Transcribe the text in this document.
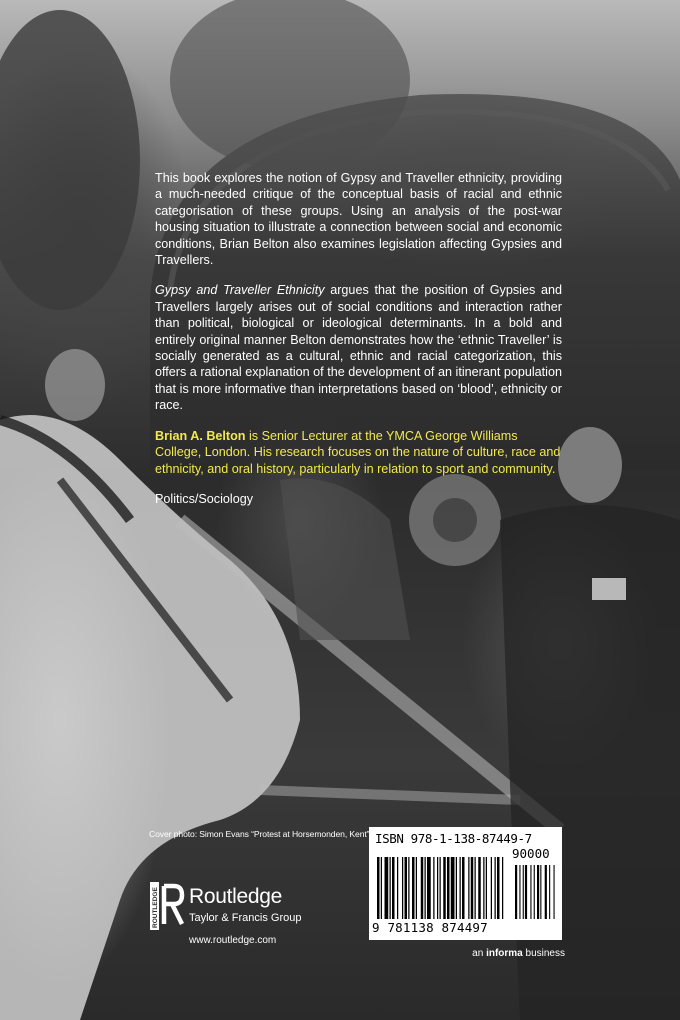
This book explores the notion of Gypsy and Traveller ethnicity, providing a much-needed critique of the conceptual basis of racial and ethnic categorisation of these groups. Using an analysis of the post-war housing situation to illustrate a connection between social and economic conditions, Brian Belton also examines legislation affecting Gypsies and Travellers.

Gypsy and Traveller Ethnicity argues that the position of Gypsies and Travellers largely arises out of social conditions and interaction rather than political, biological or ideological determinants. In a bold and entirely original manner Belton demonstrates how the ‘ethnic Traveller’ is socially generated as a cultural, ethnic and racial categorization, this offers a rational explanation of the development of an itinerant population that is more informative than interpretations based on ‘blood’, ethnicity or race.

Brian A. Belton is Senior Lecturer at the YMCA George Williams College, London. His research focuses on the nature of culture, race and ethnicity, and oral history, particularly in relation to sport and community.

Politics/Sociology

Cover photo: Simon Evans “Protest at Horsemonden, Kent”
ROUTLEDGE Routledge
Taylor & Francis Group
www.routledge.com
ISBN 978-1-138-87449-7
90000
9 781138 874497
an informa business
